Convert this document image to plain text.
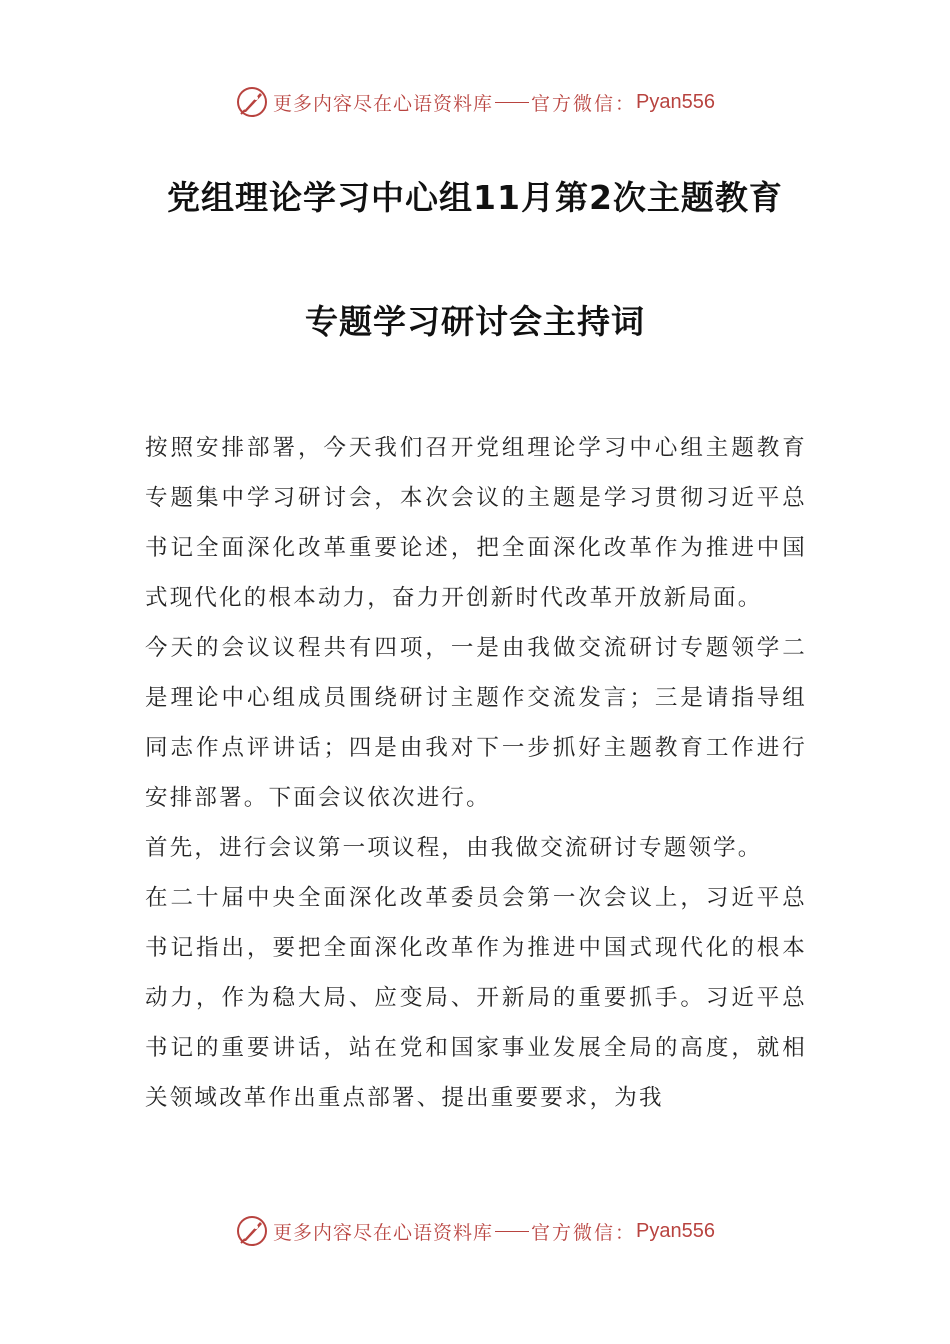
更多内容尽在心语资料库 官方微信： Pyan556
党组理论学习中心组11月第2次主题教育
专题学习研讨会主持词

按照安排部署，今天我们召开党组理论学习中心组主题教育专题集中学习研讨会，本次会议的主题是学习贯彻习近平总书记全面深化改革重要论述，把全面深化改革作为推进中国式现代化的根本动力，奋力开创新时代改革开放新局面。

今天的会议议程共有四项，一是由我做交流研讨专题领学二是理论中心组成员围绕研讨主题作交流发言；三是请指导组同志作点评讲话；四是由我对下一步抓好主题教育工作进行安排部署。下面会议依次进行。

首先，进行会议第一项议程，由我做交流研讨专题领学。

在二十届中央全面深化改革委员会第一次会议上，习近平总书记指出，要把全面深化改革作为推进中国式现代化的根本动力，作为稳大局、应变局、开新局的重要抓手。习近平总书记的重要讲话，站在党和国家事业发展全局的高度，就相关领域改革作出重点部署、提出重要要求，为我

更多内容尽在心语资料库 官方微信： Pyan556
